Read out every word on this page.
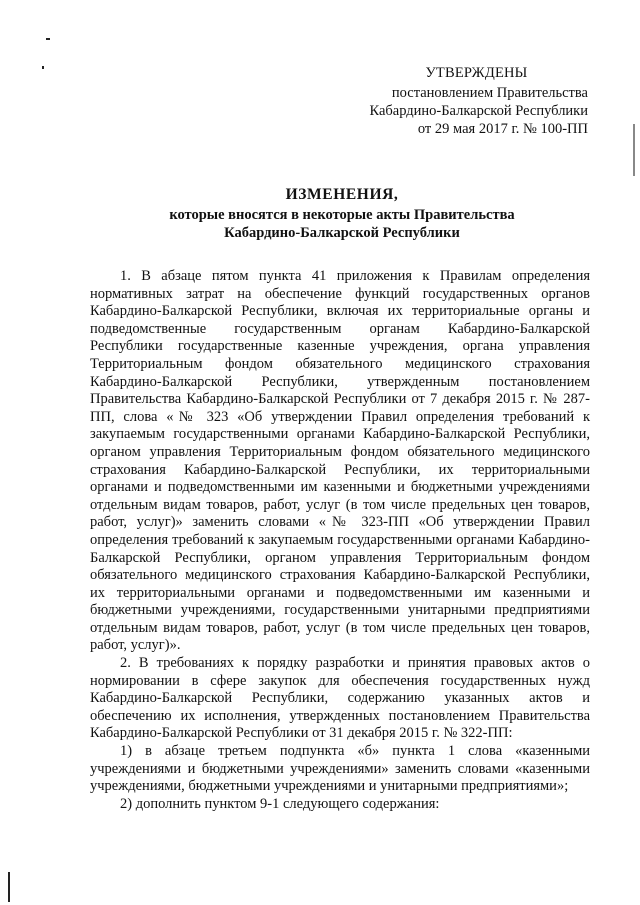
УТВЕРЖДЕНЫ
постановлением Правительства
Кабардино-Балкарской Республики
от 29 мая 2017 г. № 100-ПП
ИЗМЕНЕНИЯ,
которые вносятся в некоторые акты Правительства
Кабардино-Балкарской Республики

1. В абзаце пятом пункта 41 приложения к Правилам определения нормативных затрат на обеспечение функций государственных органов Кабардино-Балкарской Республики, включая их территориальные органы и подведомственные государственным органам Кабардино-Балкарской Республики государственные казенные учреждения, органа управления Территориальным фондом обязательного медицинского страхования Кабардино-Балкарской Республики, утвержденным постановлением Правительства Кабардино-Балкарской Республики от 7 декабря 2015 г. № 287-ПП, слова «№ 323 «Об утверждении Правил определения требований к закупаемым государственными органами Кабардино-Балкарской Республики, органом управления Территориальным фондом обязательного медицинского страхования Кабардино-Балкарской Республики, их территориальными органами и подведомственными им казенными и бюджетными учреждениями отдельным видам товаров, работ, услуг (в том числе предельных цен товаров, работ, услуг)» заменить словами «№ 323-ПП «Об утверждении Правил определения требований к закупаемым государственными органами Кабардино-Балкарской Республики, органом управления Территориальным фондом обязательного медицинского страхования Кабардино-Балкарской Республики, их территориальными органами и подведомственными им казенными и бюджетными учреждениями, государственными унитарными предприятиями отдельным видам товаров, работ, услуг (в том числе предельных цен товаров, работ, услуг)».

2. В требованиях к порядку разработки и принятия правовых актов о нормировании в сфере закупок для обеспечения государственных нужд Кабардино-Балкарской Республики, содержанию указанных актов и обеспечению их исполнения, утвержденных постановлением Правительства Кабардино-Балкарской Республики от 31 декабря 2015 г. № 322-ПП:

1) в абзаце третьем подпункта «б» пункта 1 слова «казенными учреждениями и бюджетными учреждениями» заменить словами «казенными учреждениями, бюджетными учреждениями и унитарными предприятиями»;

2) дополнить пунктом 9-1 следующего содержания:
